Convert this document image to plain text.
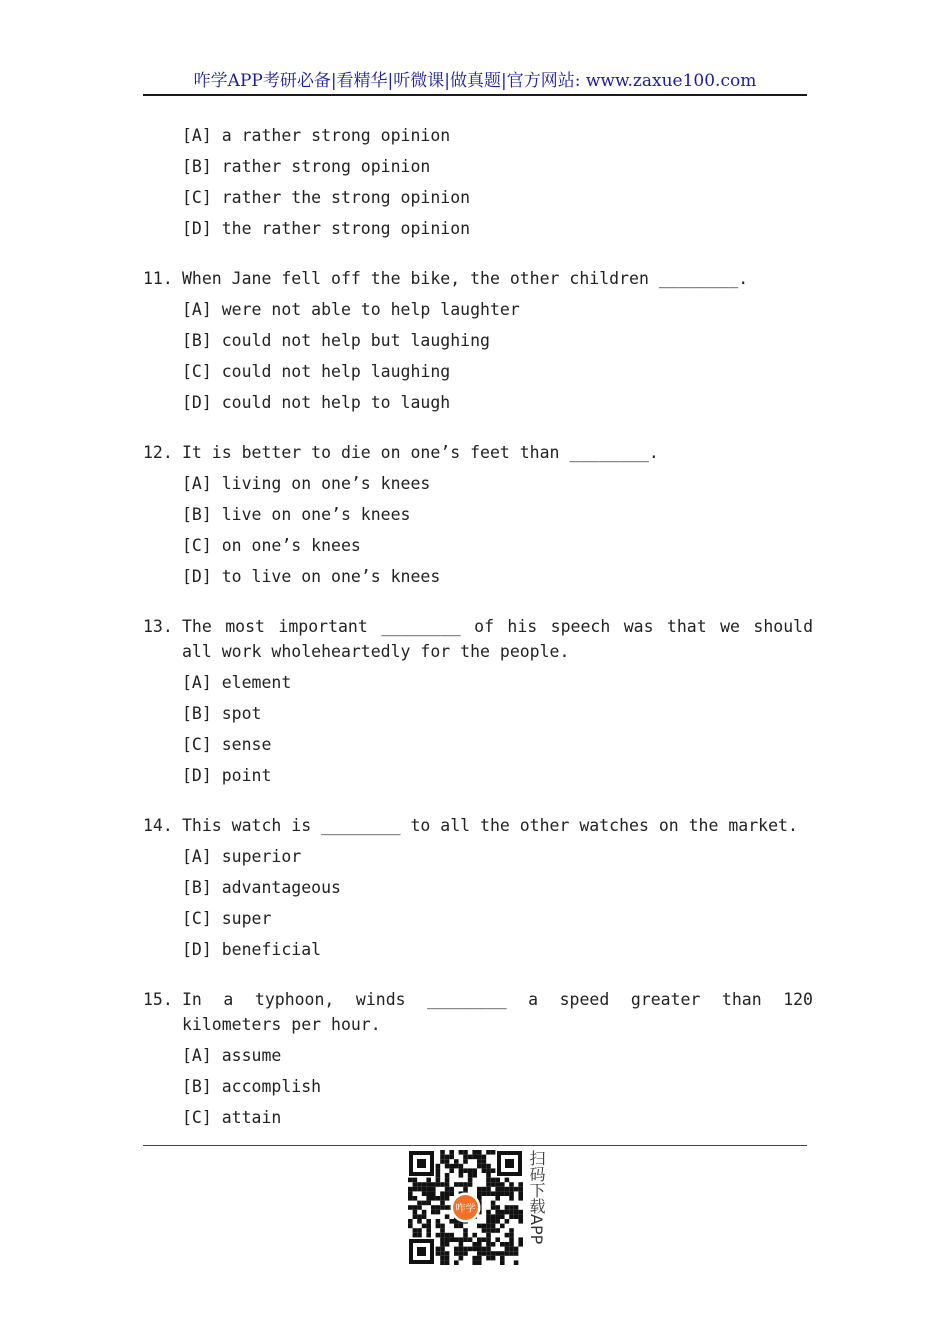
咋学APP考研必备|看精华|听微课|做真题|官方网站: www.zaxue100.com
[A] a rather strong opinion
[B] rather strong opinion
[C] rather the strong opinion
[D] the rather strong opinion
11. When Jane fell off the bike, the other children ________.
[A] were not able to help laughter
[B] could not help but laughing
[C] could not help laughing
[D] could not help to laugh
12. It is better to die on one’s feet than ________.
[A] living on one’s knees
[B] live on one’s knees
[C] on one’s knees
[D] to live on one’s knees
13. The most important ________ of his speech was that we should all work wholeheartedly for the people.
[A] element
[B] spot
[C] sense
[D] point
14. This watch is ________ to all the other watches on the market.
[A] superior
[B] advantageous
[C] super
[D] beneficial
15. In a typhoon, winds ________ a speed greater than 120 kilometers per hour.
[A] assume
[B] accomplish
[C] attain
咋学	扫码下载APP
